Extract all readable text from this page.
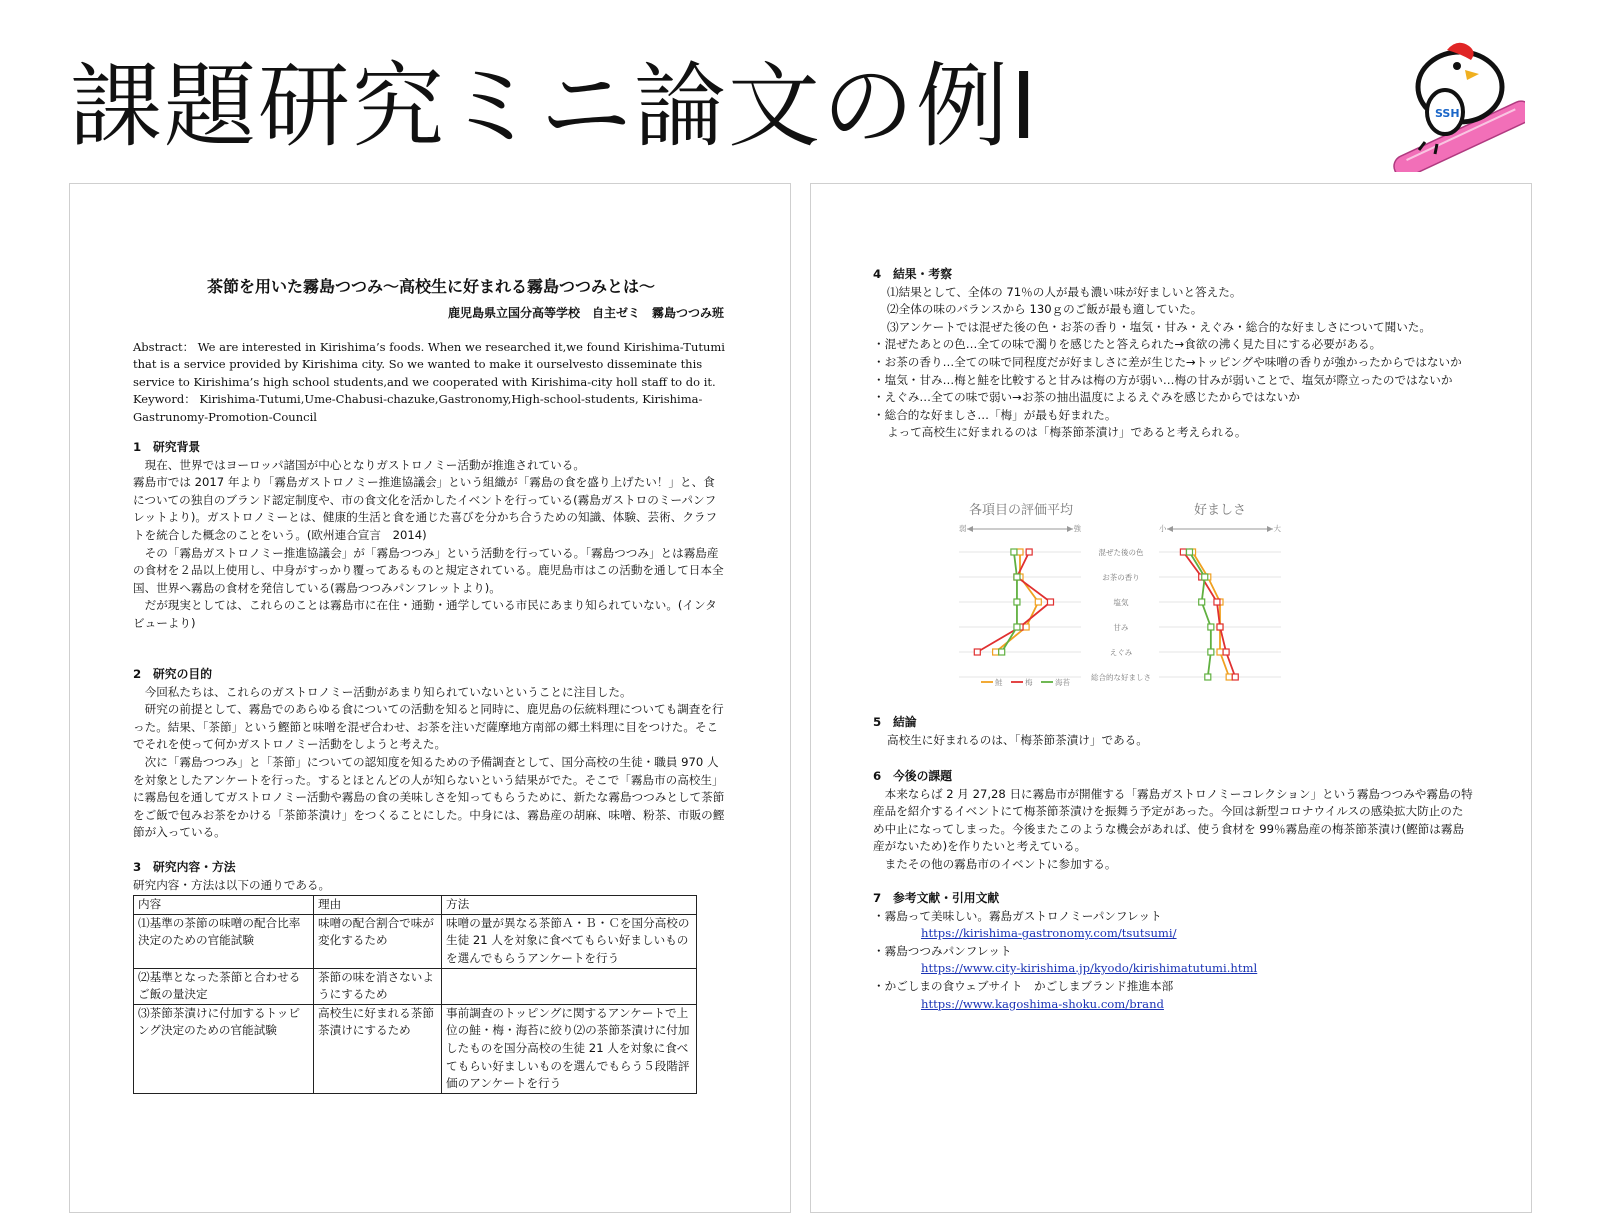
課題研究ミニ論文の例Ⅰ	SSH
茶節を用いた霧島つつみ～高校生に好まれる霧島つつみとは～
鹿児島県立国分高等学校　自主ゼミ　霧島つつみ班

Abstract： We are interested in Kirishima’s foods. When we researched it,we found Kirishima-Tutumi that is a service provided by Kirishima city. So we wanted to make it ourselvesto disseminate this service to Kirishima’s high school students,and we cooperated with Kirishima-city holl staff to do it.

Keyword： Kirishima-Tutumi,Ume-Chabusi-chazuke,Gastronomy,High-school-students, Kirishima-Gastrunomy-Promotion-Council

1　研究背景

現在、世界ではヨーロッパ諸国が中心となりガストロノミー活動が推進されている。

霧島市では 2017 年より「霧島ガストロノミー推進協議会」という組織が「霧島の食を盛り上げたい！」と、食についての独自のブランド認定制度や、市の食文化を活かしたイベントを行っている(霧島ガストロのミーパンフレットより)。ガストロノミーとは、健康的生活と食を通じた喜びを分かち合うための知識、体験、芸術、クラフトを統合した概念のことをいう。(欧州連合宣言　2014)

その「霧島ガストロノミー推進協議会」が「霧島つつみ」という活動を行っている。「霧島つつみ」とは霧島産の食材を２品以上使用し、中身がすっかり覆ってあるものと規定されている。鹿児島市はこの活動を通して日本全国、世界へ霧島の食材を発信している(霧島つつみパンフレットより)。

だが現実としては、これらのことは霧島市に在住・通勤・通学している市民にあまり知られていない。(インタビューより)

2　研究の目的

今回私たちは、これらのガストロノミー活動があまり知られていないということに注目した。

研究の前提として、霧島でのあらゆる食についての活動を知ると同時に、鹿児島の伝統料理についても調査を行った。結果、「茶節」という鰹節と味噌を混ぜ合わせ、お茶を注いだ薩摩地方南部の郷土料理に目をつけた。そこでそれを使って何かガストロノミー活動をしようと考えた。

次に「霧島つつみ」と「茶節」についての認知度を知るための予備調査として、国分高校の生徒・職員 970 人を対象としたアンケートを行った。するとほとんどの人が知らないという結果がでた。そこで「霧島市の高校生」に霧島包を通してガストロノミー活動や霧島の食の美味しさを知ってもらうために、新たな霧島つつみとして茶節をご飯で包みお茶をかける「茶節茶漬け」をつくることにした。中身には、霧島産の胡麻、味噌、粉茶、市販の鰹節が入っている。

3　研究内容・方法

研究内容・方法は以下の通りである。

内容	理由	方法
⑴基準の茶節の味噌の配合比率決定のための官能試験	味噌の配合割合で味が変化するため	味噌の量が異なる茶節Ａ・Ｂ・Ｃを国分高校の生徒 21 人を対象に食べてもらい好ましいものを選んでもらうアンケートを行う
⑵基準となった茶節と合わせるご飯の量決定	茶節の味を消さないようにするため	
⑶茶節茶漬けに付加するトッピング決定のための官能試験	高校生に好まれる茶節茶漬けにするため	事前調査のトッピングに関するアンケートで上位の鮭・梅・海苔に絞り⑵の茶節茶漬けに付加したものを国分高校の生徒 21 人を対象に食べてもらい好ましいものを選んでもらう５段階評価のアンケートを行う
4　結果・考察

⑴結果として、全体の 71％の人が最も濃い味が好ましいと答えた。

⑵全体の味のバランスから 130ｇのご飯が最も適していた。

⑶アンケートでは混ぜた後の色・お茶の香り・塩気・甘み・えぐみ・総合的な好ましさについて聞いた。

・混ぜたあとの色…全ての味で濁りを感じたと答えられた→食欲の沸く見た目にする必要がある。

・お茶の香り…全ての味で同程度だが好ましさに差が生じた→トッピングや味噌の香りが強かったからではないか

・塩気・甘み…梅と鮭を比較すると甘みは梅の方が弱い…梅の甘みが弱いことで、塩気が際立ったのではないか

・えぐみ…全ての味で弱い→お茶の抽出温度によるえぐみを感じたからではないか

・総合的な好ましさ…「梅」が最も好まれた。

よって高校生に好まれるのは「梅茶節茶漬け」であると考えられる。

各項目の評価平均	好ましさ
弱	強	小	大
混ぜた後の色
お茶の香り
塩気
甘み
えぐみ
総合的な好ましさ
鮭	梅	海苔
5　結論

高校生に好まれるのは、「梅茶節茶漬け」である。

6　今後の課題

本来ならば 2 月 27,28 日に霧島市が開催する「霧島ガストロノミーコレクション」という霧島つつみや霧島の特産品を紹介するイベントにて梅茶節茶漬けを振舞う予定があった。今回は新型コロナウイルスの感染拡大防止のため中止になってしまった。今後またこのような機会があれば、使う食材を 99％霧島産の梅茶節茶漬け(鰹節は霧島産がないため)を作りたいと考えている。

またその他の霧島市のイベントに参加する。

7　参考文献・引用文献

・霧島って美味しい。霧島ガストロノミーパンフレット

https://kirishima-gastronomy.com/tsutsumi/

・霧島つつみパンフレット

https://www.city-kirishima.jp/kyodo/kirishimatutumi.html

・かごしまの食ウェブサイト　かごしまブランド推進本部

https://www.kagoshima-shoku.com/brand
